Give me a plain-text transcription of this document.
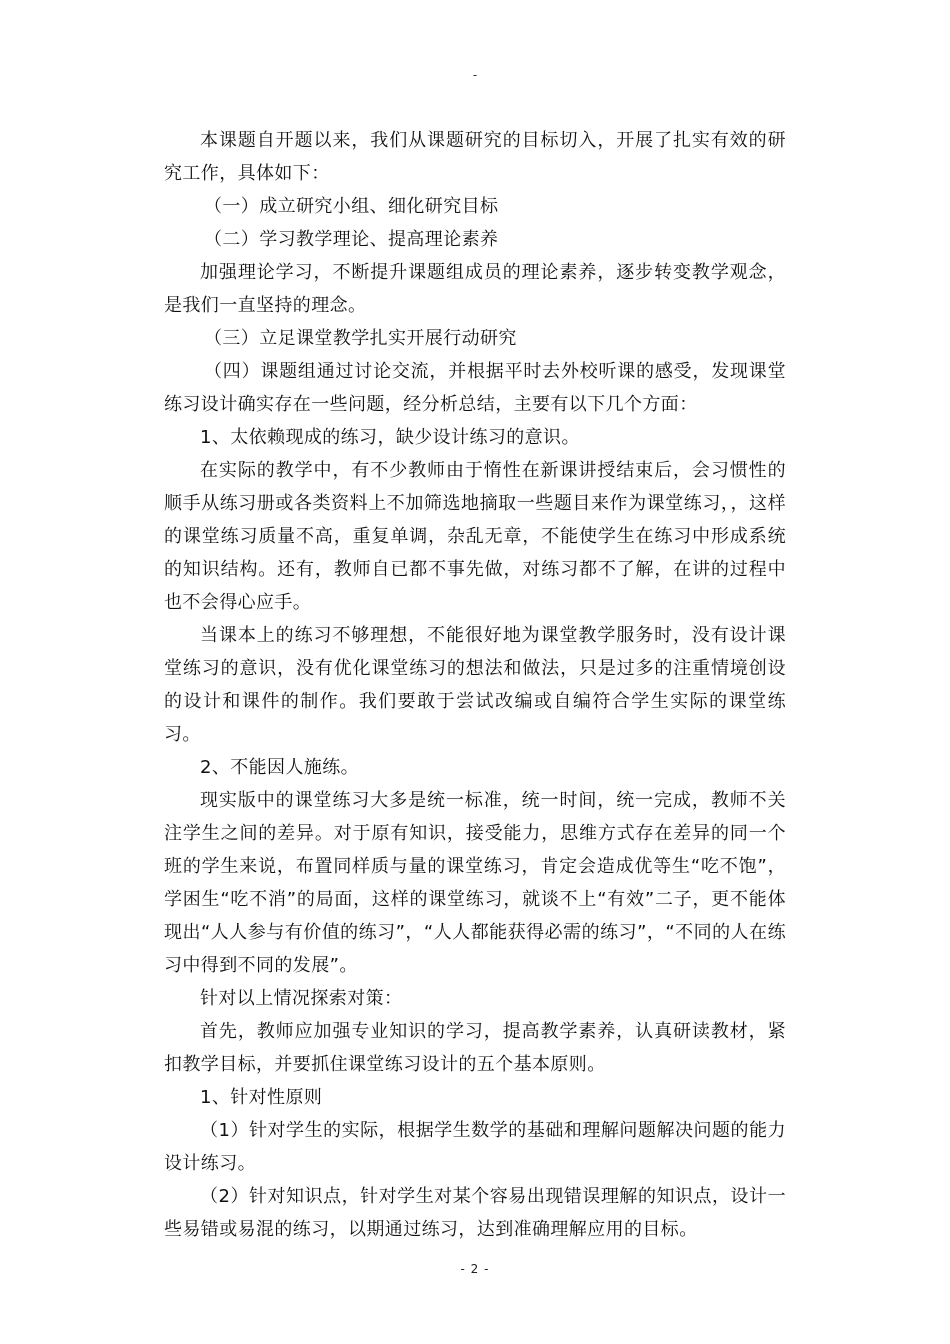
-

本课题自开题以来，我们从课题研究的目标切入，开展了扎实有效的研究工作，具体如下：

（一）成立研究小组、细化研究目标

（二）学习教学理论、提高理论素养

加强理论学习，不断提升课题组成员的理论素养，逐步转变教学观念，是我们一直坚持的理念。

（三）立足课堂教学扎实开展行动研究

（四）课题组通过讨论交流，并根据平时去外校听课的感受，发现课堂练习设计确实存在一些问题，经分析总结，主要有以下几个方面：

1、太依赖现成的练习，缺少设计练习的意识。

在实际的教学中，有不少教师由于惰性在新课讲授结束后，会习惯性的顺手从练习册或各类资料上不加筛选地摘取一些题目来作为课堂练习，，这样的课堂练习质量不高，重复单调，杂乱无章，不能使学生在练习中形成系统的知识结构。还有，教师自已都不事先做，对练习都不了解，在讲的过程中也不会得心应手。

当课本上的练习不够理想，不能很好地为课堂教学服务时，没有设计课堂练习的意识，没有优化课堂练习的想法和做法，只是过多的注重情境创设的设计和课件的制作。我们要敢于尝试改编或自编符合学生实际的课堂练习。

2、不能因人施练。

现实版中的课堂练习大多是统一标准，统一时间，统一完成，教师不关注学生之间的差异。对于原有知识，接受能力，思维方式存在差异的同一个班的学生来说，布置同样质与量的课堂练习，肯定会造成优等生“吃不饱”，学困生“吃不消”的局面，这样的课堂练习，就谈不上“有效”二子，更不能体现出“人人参与有价值的练习”，“人人都能获得必需的练习”，“不同的人在练习中得到不同的发展”。

针对以上情况探索对策：

首先，教师应加强专业知识的学习，提高教学素养，认真研读教材，紧扣教学目标，并要抓住课堂练习设计的五个基本原则。

1、针对性原则

（1）针对学生的实际，根据学生数学的基础和理解问题解决问题的能力设计练习。

（2）针对知识点，针对学生对某个容易出现错误理解的知识点，设计一些易错或易混的练习，以期通过练习，达到准确理解应用的目标。

- 2 -
